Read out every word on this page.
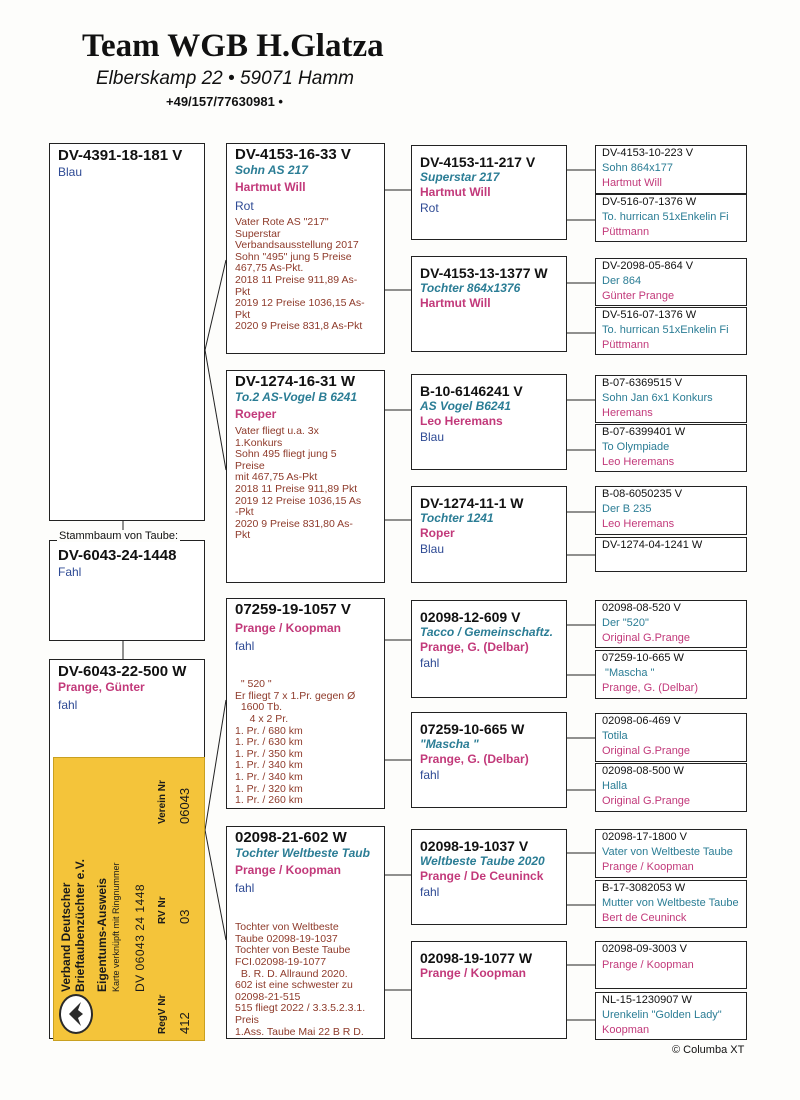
Team WGB H.Glatza
Elberskamp 22 • 59071 Hamm
+49/157/77630981 •
DV-4391-18-181 V
Blau
DV-6043-24-1448
Fahl
Stammbaum von Taube:
DV-6043-22-500 W
Prange, Günter
fahl
Verband Deutscher Brieftaubenzüchter e.V. Eigentums-Ausweis Karte verknüpft mit Ringnummer DV 06043 24 1448
RegV Nr 412
RV Nr 03
Verein Nr 06043
DV-4153-16-33 V
Sohn AS 217
Hartmut Will
Rot
Vater Rote AS "217"
Superstar
Verbandsausstellung 2017
Sohn "495" jung 5 Preise
467,75 As-Pkt.
2018 11 Preise 911,89 As-
Pkt
2019 12 Preise 1036,15 As-
Pkt
2020 9 Preise 831,8 As-Pkt
DV-1274-16-31 W
To.2 AS-Vogel B 6241
Roeper
Vater fliegt u.a. 3x
1.Konkurs
Sohn 495 fliegt jung 5
Preise
mit 467,75 As-Pkt
2018 11 Preise 911,89 Pkt
2019 12 Preise 1036,15 As
-Pkt
2020 9 Preise 831,80 As-
Pkt
07259-19-1057 V
Prange / Koopman
fahl

" 520 "
Er fliegt 7 x 1.Pr. gegen Ø
1600 Tb.
4 x 2 Pr.
1. Pr. / 680 km
1. Pr. / 630 km
1. Pr. / 350 km
1. Pr. / 340 km
1. Pr. / 340 km
1. Pr. / 320 km
1. Pr. / 260 km

02098-21-602 W
Tochter Weltbeste Taub
Prange / Koopman
fahl

Tochter von Weltbeste
Taube 02098-19-1037
Tochter von Beste Taube
FCI.02098-19-1077
B. R. D. Allraund 2020.
602 ist eine schwester zu
02098-21-515
515 fliegt 2022 / 3.3.5.2.3.1.
Preis
1.Ass. Taube Mai 22 B R D.

DV-4153-11-217 V
Superstar 217
Hartmut Will
Rot
DV-4153-13-1377 W
Tochter 864x1376
Hartmut Will
B-10-6146241 V
AS Vogel B6241
Leo Heremans
Blau
DV-1274-11-1 W
Tochter 1241
Roper
Blau
02098-12-609 V
Tacco / Gemeinschaftz.
Prange, G. (Delbar)
fahl
07259-10-665 W
"Mascha "
Prange, G. (Delbar)
fahl
02098-19-1037 V
Weltbeste Taube 2020
Prange / De Ceuninck
fahl
02098-19-1077 W
Prange / Koopman
DV-4153-10-223 V
Sohn 864x177
Hartmut Will
DV-516-07-1376 W
To. hurrican 51xEnkelin Fi
Püttmann
DV-2098-05-864 V
Der 864
Günter Prange
DV-516-07-1376 W
To. hurrican 51xEnkelin Fi
Püttmann
B-07-6369515 V
Sohn Jan 6x1 Konkurs
Heremans
B-07-6399401 W
To Olympiade
Leo Heremans
B-08-6050235 V
Der B 235
Leo Heremans
DV-1274-04-1241 W
02098-08-520 V
Der "520"
Original G.Prange
07259-10-665 W
"Mascha "
Prange, G. (Delbar)
02098-06-469 V
Totila
Original G.Prange
02098-08-500 W
Halla
Original G.Prange
02098-17-1800 V
Vater von Weltbeste Taube
Prange / Koopman
B-17-3082053 W
Mutter von Weltbeste Taube
Bert de Ceuninck
02098-09-3003 V
Prange / Koopman
NL-15-1230907 W
Urenkelin "Golden Lady"
Koopman
© Columba XT
